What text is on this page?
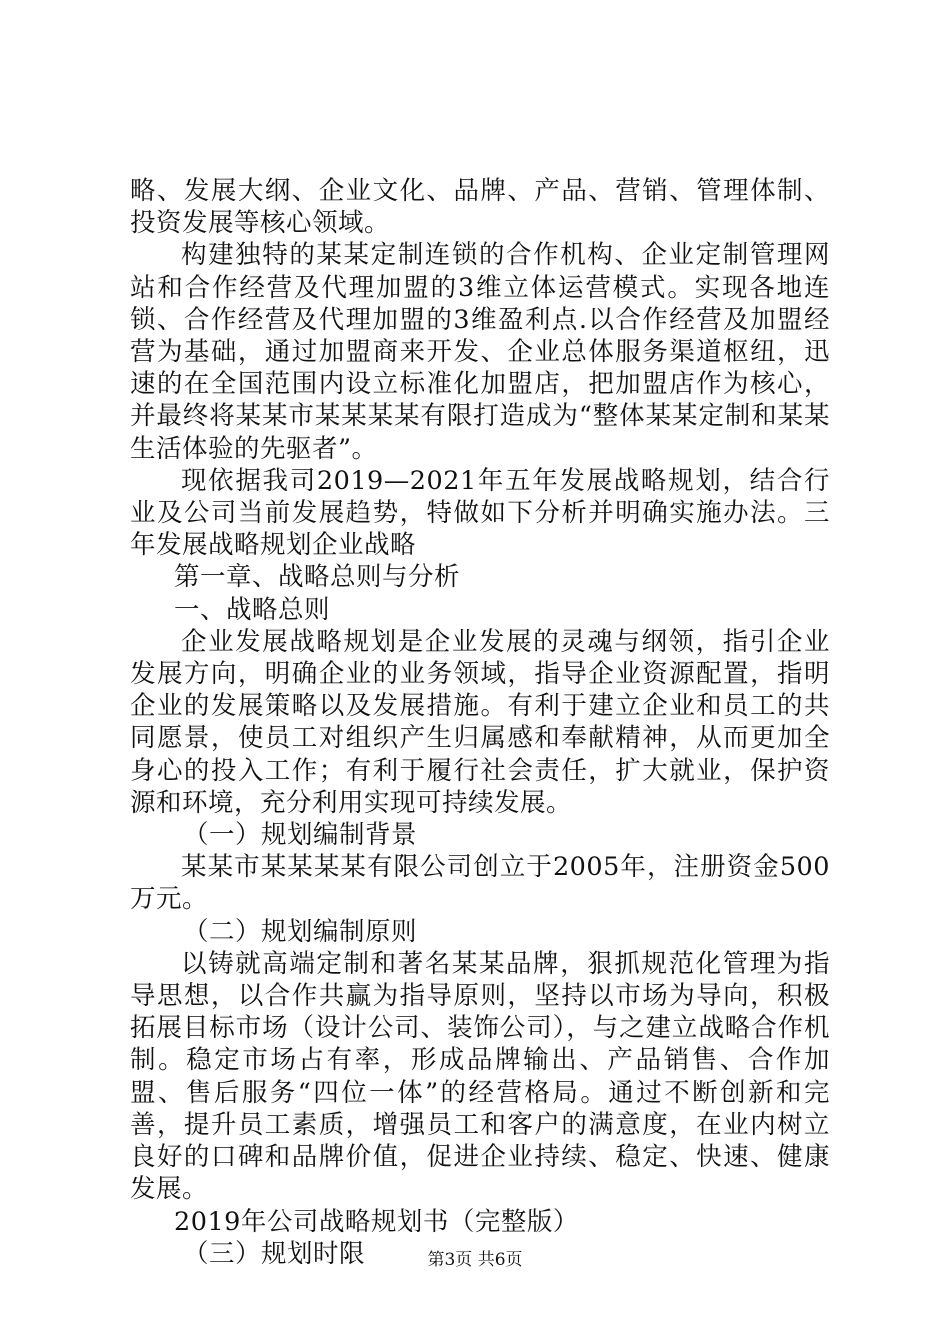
略、发展大纲、企业文化、品牌、产品、营销、管理体制、投资发展等核心领域。

构建独特的某某定制连锁的合作机构、企业定制管理网站和合作经营及代理加盟的3维立体运营模式。实现各地连锁、合作经营及代理加盟的3维盈利点.以合作经营及加盟经营为基础，通过加盟商来开发、企业总体服务渠道枢纽，迅速的在全国范围内设立标准化加盟店，把加盟店作为核心，并最终将某某市某某某某有限打造成为“整体某某定制和某某生活体验的先驱者”。

现依据我司2019—2021年五年发展战略规划，结合行业及公司当前发展趋势，特做如下分析并明确实施办法。三年发展战略规划企业战略

第一章、战略总则与分析

一、战略总则

企业发展战略规划是企业发展的灵魂与纲领，指引企业发展方向，明确企业的业务领域，指导企业资源配置，指明企业的发展策略以及发展措施。有利于建立企业和员工的共同愿景，使员工对组织产生归属感和奉献精神，从而更加全身心的投入工作；有利于履行社会责任，扩大就业，保护资源和环境，充分利用实现可持续发展。

（一）规划编制背景

某某市某某某某有限公司创立于2005年，注册资金500万元。

（二）规划编制原则

以铸就高端定制和著名某某品牌，狠抓规范化管理为指导思想，以合作共赢为指导原则，坚持以市场为导向，积极拓展目标市场（设计公司、装饰公司），与之建立战略合作机制。稳定市场占有率，形成品牌输出、产品销售、合作加盟、售后服务“四位一体”的经营格局。通过不断创新和完善，提升员工素质，增强员工和客户的满意度，在业内树立良好的口碑和品牌价值，促进企业持续、稳定、快速、健康发展。

2019年公司战略规划书（完整版）

（三）规划时限	第3页 共6页
